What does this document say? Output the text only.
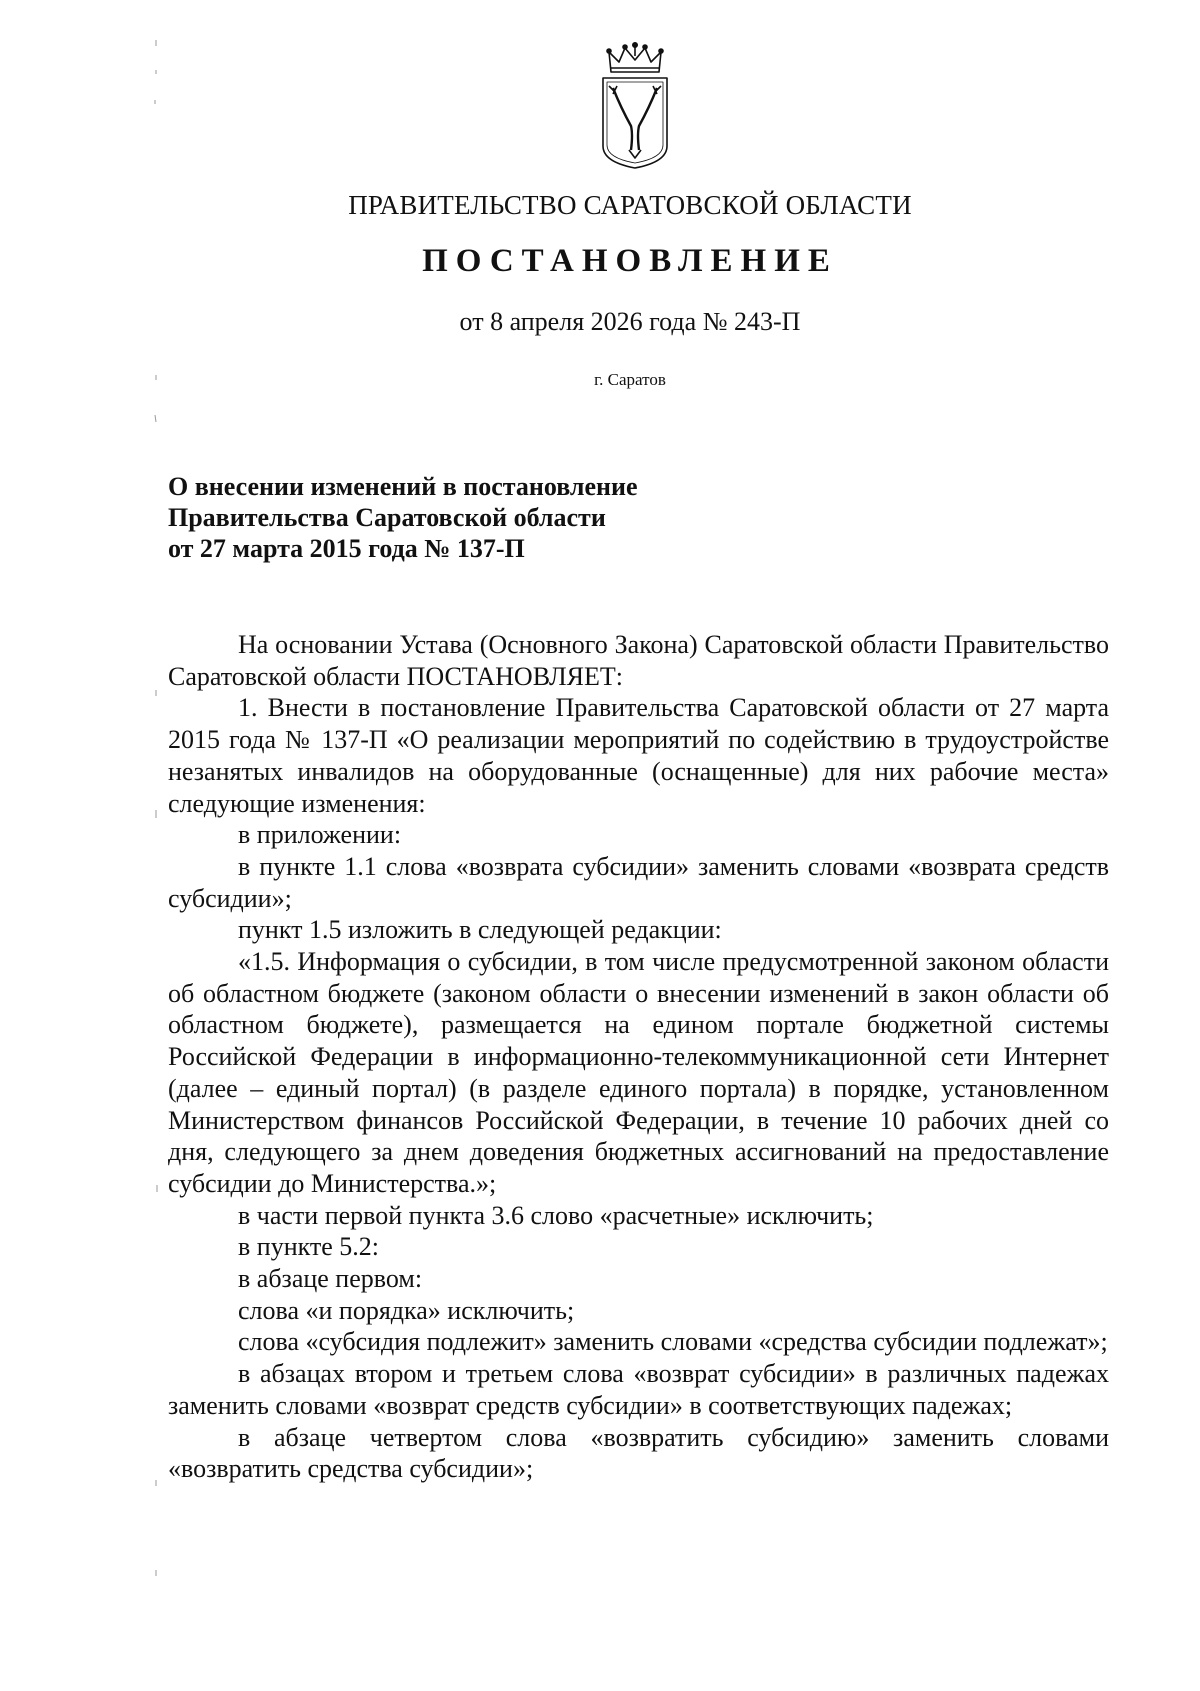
ПРАВИТЕЛЬСТВО САРАТОВСКОЙ ОБЛАСТИ
ПОСТАНОВЛЕНИЕ
от 8 апреля 2026 года № 243-П
г. Саратов
О внесении изменений в постановление
Правительства Саратовской области
от 27 марта 2015 года № 137-П

На основании Устава (Основного Закона) Саратовской области Правительство Саратовской области ПОСТАНОВЛЯЕТ:

1. Внести в постановление Правительства Саратовской области от 27 марта 2015 года № 137-П «О реализации мероприятий по содействию в трудоустройстве незанятых инвалидов на оборудованные (оснащенные) для них рабочие места» следующие изменения:

в приложении:

в пункте 1.1 слова «возврата субсидии» заменить словами «возврата средств субсидии»;

пункт 1.5 изложить в следующей редакции:

«1.5. Информация о субсидии, в том числе предусмотренной законом области об областном бюджете (законом области о внесении изменений в закон области об областном бюджете), размещается на едином портале бюджетной системы Российской Федерации в информационно-телекоммуникационной сети Интернет (далее – единый портал) (в разделе единого портала) в порядке, установленном Министерством финансов Российской Федерации, в течение 10 рабочих дней со дня, следующего за днем доведения бюджетных ассигнований на предоставление субсидии до Министерства.»;

в части первой пункта 3.6 слово «расчетные» исключить;

в пункте 5.2:

в абзаце первом:

слова «и порядка» исключить;

слова «субсидия подлежит» заменить словами «средства субсидии подлежат»;

в абзацах втором и третьем слова «возврат субсидии» в различных падежах заменить словами «возврат средств субсидии» в соответствующих падежах;

в абзаце четвертом слова «возвратить субсидию» заменить словами «возвратить средства субсидии»;
